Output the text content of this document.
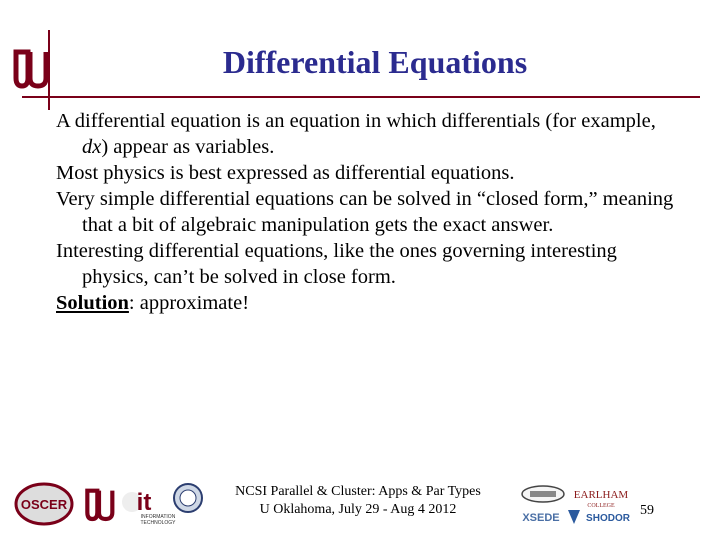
Differential Equations

A differential equation is an equation in which differentials (for example, dx) appear as variables.

Most physics is best expressed as differential equations.

Very simple differential equations can be solved in “closed form,” meaning that a bit of algebraic manipulation gets the exact answer.

Interesting differential equations, like the ones governing interesting physics, can’t be solved in close form.

Solution: approximate!

OSCER	it
INFORMATION
TECHNOLOGY
NCSI Parallel & Cluster: Apps & Par Types
U Oklahoma, July 29 - Aug 4 2012
XSEDE
EARLHAM
COLLEGE
SHODOR
59
